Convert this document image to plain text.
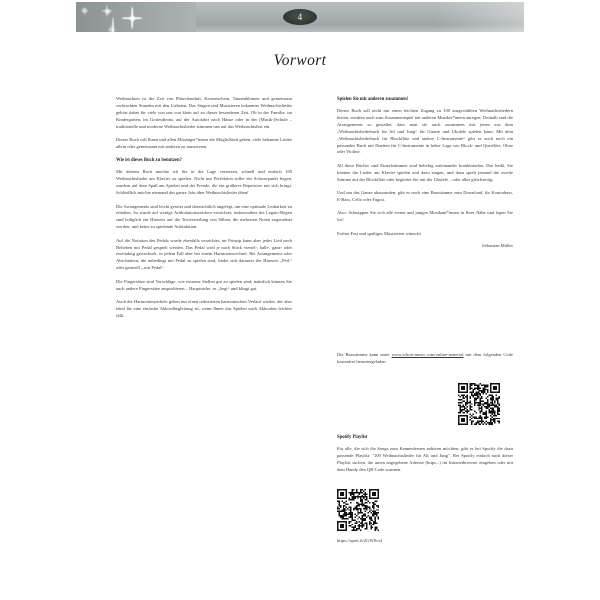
4
Vorwort

Weihnachten ist die Zeit von Plätzchenduft, Kerzenschein, Tannenblumen und gemeinsam verbrachten Stunden mit den Liebsten. Das Singen und Musizieren bekannter Weihnachtslieder gehört dabei für viele von uns von klein auf zu dieser besonderen Zeit. Ob in der Familie, im Kindergarten, im Gottesdienst, auf der Autofahrt nach Hause oder in der (Musik-)Schule – traditionelle und moderne Weihnachtslieder stimmen uns auf das Weihnachtsfest ein.

Dieses Buch soll Ihnen und allen Mitsänger*innen die Möglichkeit geben, viele bekannte Lieder allein oder gemeinsam mit anderen zu musizieren.

Wie ist dieses Buch zu benutzen?

Mit diesem Buch möchte ich Sie in die Lage versetzen, schnell und einfach 100 Weihnachtslieder am Klavier zu spielen. Nicht nur Perfektion sollte der Schwerpunkt liegen, sondern auf dem Spaß am Spielen und der Freude, die ein größeres Repertoire mit sich bringt. Schließlich möchte niemand das ganze Jahr über Weihnachtslieder üben!

Die Arrangements sind leicht gesetzt und übersichtlich angelegt, um eine optimale Lesbarkeit zu erhalten. So wurde auf wenige Artikulationszeichen verzichtet; insbesondere die Legato-Bögen sind lediglich ein Hinweis auf die Textverteilung von Silben, die mehreren Noten zugeordnet werden, und keine zu spielende Artikulation.

Auf die Notation des Pedals wurde ebenfalls verzichtet, im Prinzip kann aber jedes Lied nach Belieben mit Pedal gespielt werden. Das Pedal wird je nach Stück viertel-, halb-, ganz- oder zweitaktig gewechselt, in jedem Fall aber bei einem Harmoniewechsel. Bei Arrangements oder Abschnitten, die unbedingt mit Pedal zu spielen sind, findet sich darunter der Hinweis „Ped.“ oder generell „,mit Pedal“.

Die Fingersätze sind Vorschläge, wie extreme Stellen gut zu spielen sind; natürlich können Sie auch andere Fingersätze ausprobieren – Hauptsache, es „liegt“ und klingt gut.

Auch die Harmoniesymbole geben nur einen reduzierten harmonischen Verlauf wieder, der aber ideal für eine einfache Akkordbegleitung ist, wenn Ihnen das Spielen nach Akkorden leichter fällt.

Spielen Sie mit anderen zusammen!

Dieses Buch soll nicht nur einen leichten Zugang zu 100 ausgewählten Weihnachtsliedern bieten, sondern auch zum Zusammenspiel mit anderen Musiker*innen anregen. Deshalb sind die Arrangements so gestaltet, dass man sie auch zusammen mit jenen aus dem „Weihnachtsliederbuch für Alt und Jung“ für Gitarre und Ukulele spielen kann. Mit dem „Weihnachtsliederbuch für Blockflöte und andere C-Instrumente“ gibt es auch noch ein passendes Buch mit Duetten für C-Instrumente in hoher Lage wie Block- und Querflöte, Oboe oder Violine.

All diese Bücher sind Einzelstimmen sind beliebig miteinander kombinierbar. Das heißt, Sie können die Lieder am Klavier spielen und dazu singen, und dazu spielt jemand die zweite Stimme auf der Blockflöte oder begleitet Sie mit der Ukulele – oder alles gleichzeitig.

Und um das Ganze abzurunden, gibt es noch eine Bassstimme zum Download, für Kontrabass, E-Bass, Cello oder Fagott.

Also: Schnappen Sie sich alle ersten und jungen Musikant*innen in Ihrer Nähe und legen Sie los!

Frohes Fest und spaßiges Musizieren wünscht

Sebastian Müller

Die Bassstimme kann unter www.schott-music.com/online-material mit dem folgenden Code kostenfrei heruntergeladen
Spotify Playlist

Für alle, die sich die Songs zum Kennenlernen anhören möchten, gibt es bei Spotify die dazu passende Playlist: "100 Weihnachtslieder für Alt und Jung". Bei Spotify einfach nach dieser Playlist suchen, die unten angegebene Adresse (https...) im Internetbrowser eingeben oder mit dem Handy den QR-Code scannen.

https://spoti.fi/2GW0vt4
